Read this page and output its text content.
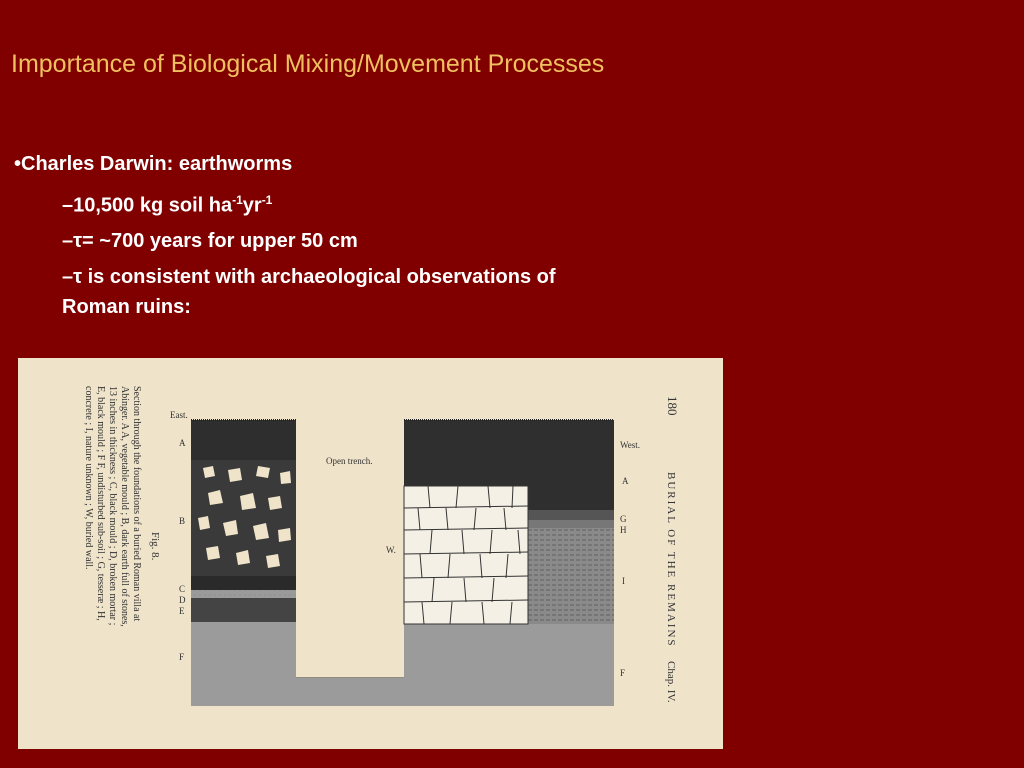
Importance of Biological Mixing/Movement Processes
•Charles Darwin: earthworms
–10,500 kg soil $ha^{-1}yr^{-1}$
–τ= ~700 years for upper 50 cm
–τ is consistent with archaeological observations of
Roman ruins:
East.
West.
Open trench.
W.
A
B
C
D
E
F
A
G
H
I
F
180
BURIAL OF THE REMAINS
Chap. IV.
Fig. 8.
Section through the foundations of a buried Roman villa at
Abinger. A A, vegetable mould ; B, dark earth full of stones,
13 inches in thickness ; C, black mould ; D, broken mortar ;
E, black mould ; F F, undisturbed sub-soil ; G, tesseræ ; H,
concrete ; I, nature unknown ; W, buried wall.
